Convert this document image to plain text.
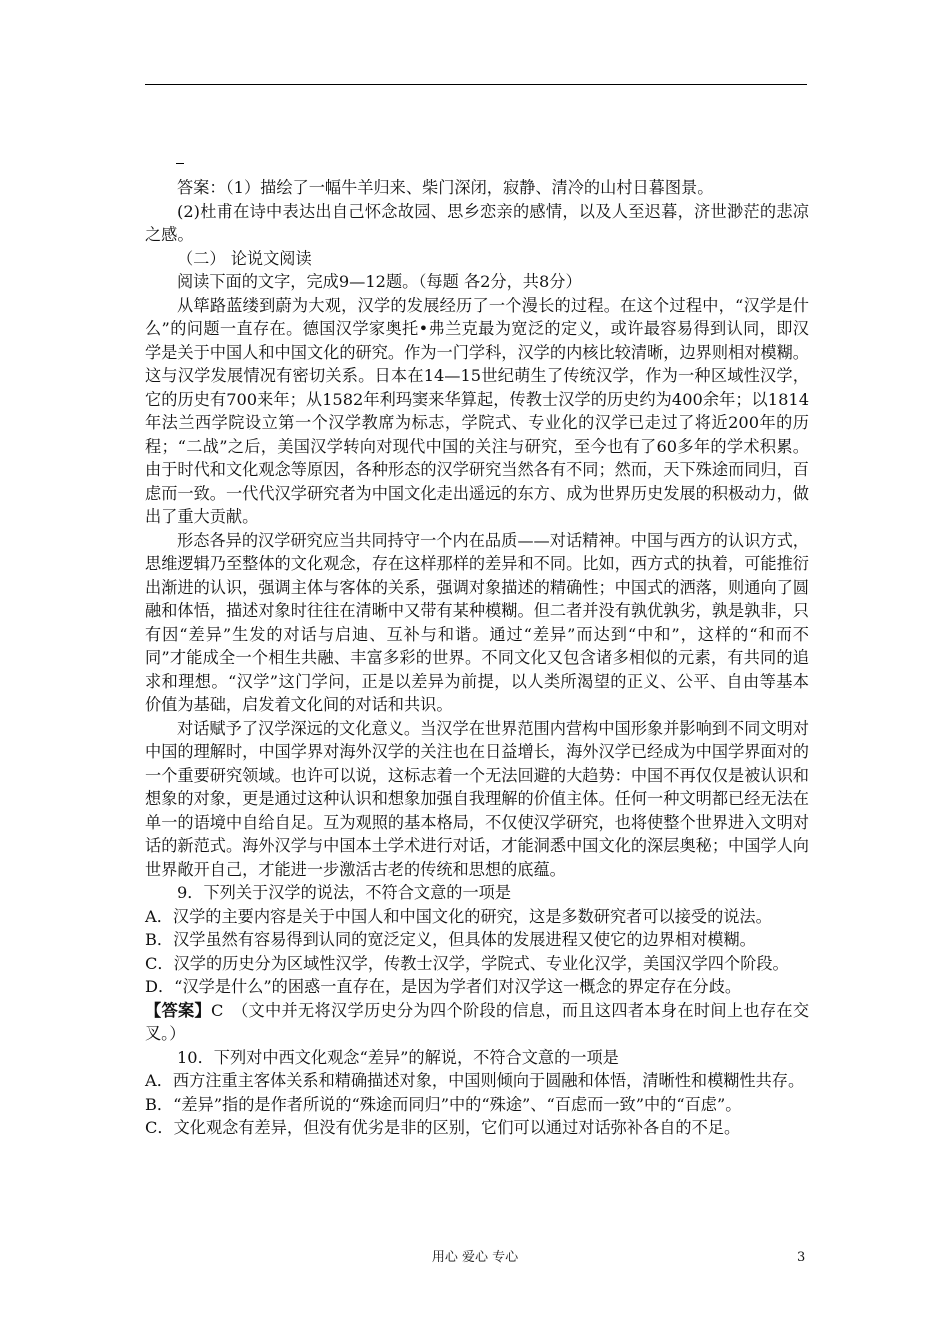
答案：（1）描绘了一幅牛羊归来、柴门深闭，寂静、清冷的山村日暮图景。

(2)杜甫在诗中表达出自己怀念故园、思乡恋亲的感情，以及人至迟暮，济世渺茫的悲凉之感。

（二） 论说文阅读

阅读下面的文字，完成9—12题。（每题 各2分，共8分）

从筚路蓝缕到蔚为大观，汉学的发展经历了一个漫长的过程。在这个过程中，“汉学是什么”的问题一直存在。德国汉学家奥托•弗兰克最为宽泛的定义，或许最容易得到认同，即汉学是关于中国人和中国文化的研究。作为一门学科，汉学的内核比较清晰，边界则相对模糊。这与汉学发展情况有密切关系。日本在14—15世纪萌生了传统汉学，作为一种区域性汉学，它的历史有700来年；从1582年利玛窦来华算起，传教士汉学的历史约为400余年；以1814年法兰西学院设立第一个汉学教席为标志，学院式、专业化的汉学已走过了将近200年的历程；“二战”之后，美国汉学转向对现代中国的关注与研究，至今也有了60多年的学术积累。由于时代和文化观念等原因，各种形态的汉学研究当然各有不同；然而，天下殊途而同归，百虑而一致。一代代汉学研究者为中国文化走出遥远的东方、成为世界历史发展的积极动力，做出了重大贡献。

形态各异的汉学研究应当共同持守一个内在品质——对话精神。中国与西方的认识方式，思维逻辑乃至整体的文化观念，存在这样那样的差异和不同。比如，西方式的执着，可能推衍出渐进的认识，强调主体与客体的关系，强调对象描述的精确性；中国式的洒落，则通向了圆融和体悟，描述对象时往往在清晰中又带有某种模糊。但二者并没有孰优孰劣，孰是孰非，只有因“差异”生发的对话与启迪、互补与和谐。通过“差异”而达到“中和”，这样的“和而不同”才能成全一个相生共融、丰富多彩的世界。不同文化又包含诸多相似的元素，有共同的追求和理想。“汉学”这门学问，正是以差异为前提，以人类所渴望的正义、公平、自由等基本价值为基础，启发着文化间的对话和共识。

对话赋予了汉学深远的文化意义。当汉学在世界范围内营构中国形象并影响到不同文明对中国的理解时，中国学界对海外汉学的关注也在日益增长，海外汉学已经成为中国学界面对的一个重要研究领域。也许可以说，这标志着一个无法回避的大趋势：中国不再仅仅是被认识和想象的对象，更是通过这种认识和想象加强自我理解的价值主体。任何一种文明都已经无法在单一的语境中自给自足。互为观照的基本格局，不仅使汉学研究，也将使整个世界进入文明对话的新范式。海外汉学与中国本土学术进行对话，才能洞悉中国文化的深层奥秘；中国学人向世界敞开自己，才能进一步激活古老的传统和思想的底蕴。

9．下列关于汉学的说法，不符合文意的一项是

A．汉学的主要内容是关于中国人和中国文化的研究，这是多数研究者可以接受的说法。

B．汉学虽然有容易得到认同的宽泛定义，但具体的发展进程又使它的边界相对模糊。

C．汉学的历史分为区域性汉学，传教士汉学，学院式、专业化汉学，美国汉学四个阶段。

D．“汉学是什么”的困惑一直存在，是因为学者们对汉学这一概念的界定存在分歧。

【答案】C　（文中并无将汉学历史分为四个阶段的信息，而且这四者本身在时间上也存在交叉。）

10．下列对中西文化观念“差异”的解说，不符合文意的一项是

A．西方注重主客体关系和精确描述对象，中国则倾向于圆融和体悟，清晰性和模糊性共存。

B．“差异”指的是作者所说的“殊途而同归”中的“殊途”、“百虑而一致”中的“百虑”。

C．文化观念有差异，但没有优劣是非的区别，它们可以通过对话弥补各自的不足。

用心 爱心 专心	3
